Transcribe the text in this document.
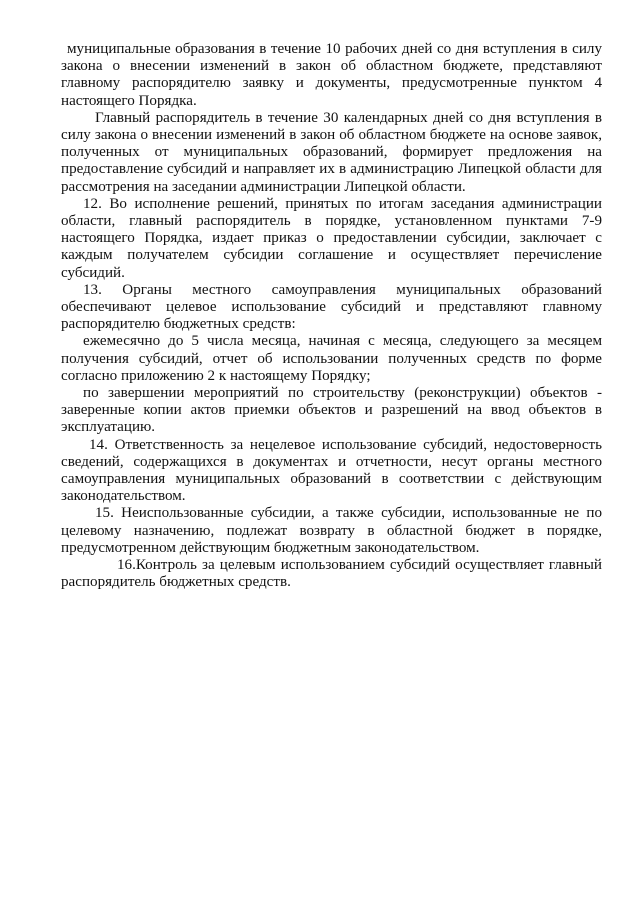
муниципальные образования в течение 10 рабочих дней со дня вступления в силу закона о внесении изменений в закон об областном бюджете, представляют главному распорядителю заявку и документы, предусмотренные пунктом 4 настоящего Порядка.

Главный распорядитель в течение 30 календарных дней со дня вступления в силу закона о внесении изменений в закон об областном бюджете на основе заявок, полученных от муниципальных образований, формирует предложения на предоставление субсидий и направляет их в администрацию Липецкой области для рассмотрения на заседании администрации Липецкой области.

12. Во исполнение решений, принятых по итогам заседания администрации области, главный распорядитель в порядке, установленном пунктами 7-9 настоящего Порядка, издает приказ о предоставлении субсидии, заключает с каждым получателем субсидии соглашение и осуществляет перечисление субсидий.

13. Органы местного самоуправления муниципальных образований обеспечивают целевое использование субсидий и представляют главному распорядителю бюджетных средств:

ежемесячно до 5 числа месяца, начиная с месяца, следующего за месяцем получения субсидий, отчет об использовании полученных средств по форме согласно приложению 2 к настоящему Порядку;

по завершении мероприятий по строительству (реконструкции) объектов - заверенные копии актов приемки объектов и разрешений на ввод объектов в эксплуатацию.

14. Ответственность за нецелевое использование субсидий, недостоверность сведений, содержащихся в документах и отчетности, несут органы местного самоуправления муниципальных образований в соответствии с действующим законодательством.

15. Неиспользованные субсидии, а также субсидии, использованные не по целевому назначению, подлежат возврату в областной бюджет в порядке, предусмотренном действующим бюджетным законодательством.

16.Контроль за целевым использованием субсидий осуществляет главный распорядитель бюджетных средств.
